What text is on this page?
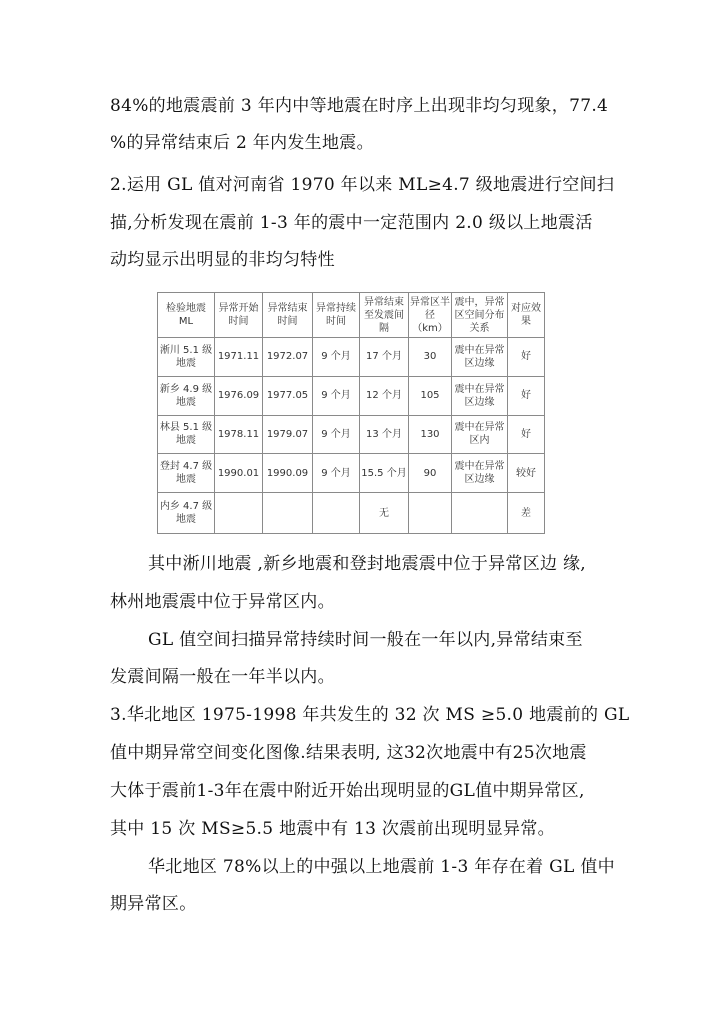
84%的地震震前 3 年内中等地震在时序上出现非均匀现象，77.4
%的异常结束后 2 年内发生地震。
2.运用 GL 值对河南省 1970 年以来 ML≥4.7 级地震进行空间扫
描,分析发现在震前 1-3 年的震中一定范围内 2.0 级以上地震活
动均显示出明显的非均匀特性
检验地震 ML	异常开始时间	异常结束时间	异常持续时间	异常结束至发震间隔	异常区半径（km）	震中，异常区空间分布关系	对应效果
淅川 5.1 级地震	1971.11	1972.07	9 个月	17 个月	30	震中在异常区边缘	好
新乡 4.9 级地震	1976.09	1977.05	9 个月	12 个月	105	震中在异常区边缘	好
林县 5.1 级地震	1978.11	1979.07	9 个月	13 个月	130	震中在异常区内	好
登封 4.7 级地震	1990.01	1990.09	9 个月	15.5 个月	90	震中在异常区边缘	较好
内乡 4.7 级地震				无			差
其中淅川地震 ,新乡地震和登封地震震中位于异常区边 缘,
林州地震震中位于异常区内。
GL 值空间扫描异常持续时间一般在一年以内,异常结束至
发震间隔一般在一年半以内。
3.华北地区 1975-1998 年共发生的 32 次 MS ≥5.0 地震前的 GL
值中期异常空间变化图像.结果表明, 这32次地震中有25次地震
大体于震前1-3年在震中附近开始出现明显的GL值中期异常区,
其中 15 次 MS≥5.5 地震中有 13 次震前出现明显异常。
华北地区 78%以上的中强以上地震前 1-3 年存在着 GL 值中
期异常区。
